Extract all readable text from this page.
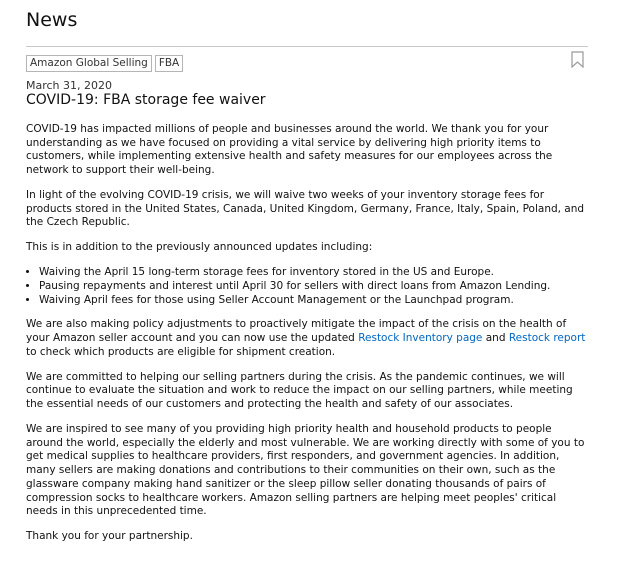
News
Amazon Global Selling	FBA
March 31, 2020
COVID-19: FBA storage fee waiver

COVID-19 has impacted millions of people and businesses around the world. We thank you for your understanding as we have focused on providing a vital service by delivering high priority items to customers, while implementing extensive health and safety measures for our employees across the network to support their well-being.

In light of the evolving COVID-19 crisis, we will waive two weeks of your inventory storage fees for products stored in the United States, Canada, United Kingdom, Germany, France, Italy, Spain, Poland, and the Czech Republic.

This is in addition to the previously announced updates including:

• Waiving the April 15 long-term storage fees for inventory stored in the US and Europe.
• Pausing repayments and interest until April 30 for sellers with direct loans from Amazon Lending.
• Waiving April fees for those using Seller Account Management or the Launchpad program.

We are also making policy adjustments to proactively mitigate the impact of the crisis on the health of your Amazon seller account and you can now use the updated Restock Inventory page and Restock report to check which products are eligible for shipment creation.

We are committed to helping our selling partners during the crisis. As the pandemic continues, we will continue to evaluate the situation and work to reduce the impact on our selling partners, while meeting the essential needs of our customers and protecting the health and safety of our associates.

We are inspired to see many of you providing high priority health and household products to people around the world, especially the elderly and most vulnerable. We are working directly with some of you to get medical supplies to healthcare providers, first responders, and government agencies. In addition, many sellers are making donations and contributions to their communities on their own, such as the glassware company making hand sanitizer or the sleep pillow seller donating thousands of pairs of compression socks to healthcare workers. Amazon selling partners are helping meet peoples' critical needs in this unprecedented time.

Thank you for your partnership.
